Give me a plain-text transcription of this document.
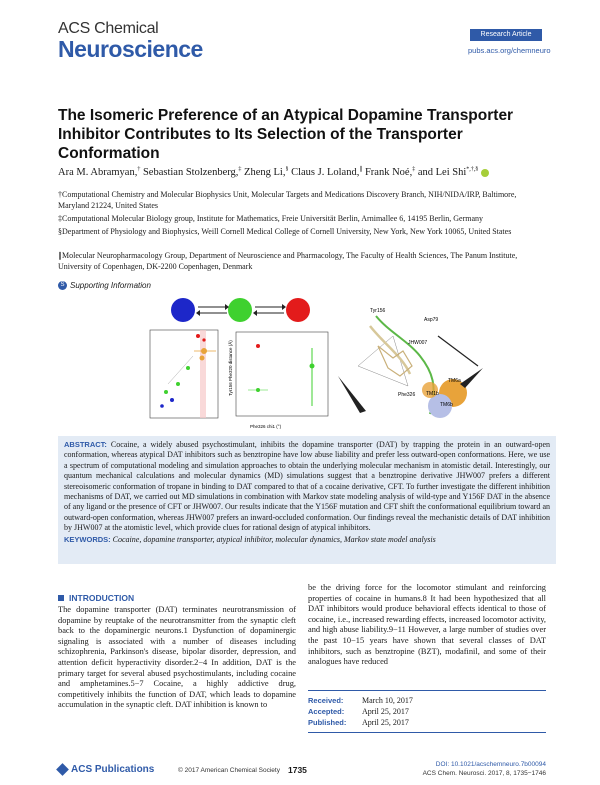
ACS Chemical
Neuroscience
Research Article
pubs.acs.org/chemneuro
The Isomeric Preference of an Atypical Dopamine Transporter Inhibitor Contributes to Its Selection of the Transporter Conformation
Ara M. Abramyan,† Sebastian Stolzenberg,‡ Zheng Li,§ Claus J. Loland,∥ Frank Noé,‡ and Lei Shi*,†,§
†Computational Chemistry and Molecular Biophysics Unit, Molecular Targets and Medications Discovery Branch, NIH/NIDA/IRP, Baltimore, Maryland 21224, United States
‡Computational Molecular Biology group, Institute for Mathematics, Freie Universität Berlin, Arnimallee 6, 14195 Berlin, Germany
§Department of Physiology and Biophysics, Weill Cornell Medical College of Cornell University, New York, New York 10065, United States
∥Molecular Neuropharmacology Group, Department of Neuroscience and Pharmacology, The Faculty of Health Sciences, The Panum Institute, University of Copenhagen, DK-2200 Copenhagen, Denmark
S Supporting Information
Phe326 chi1 (°)
Tyr156 Phe320 distance (Å)
Tyr156
Asp79
JHW007
TM6a
TM6b
TM1b
Phe326
ABSTRACT: Cocaine, a widely abused psychostimulant, inhibits the dopamine transporter (DAT) by trapping the protein in an outward-open conformation, whereas atypical DAT inhibitors such as benztropine have low abuse liability and prefer less outward-open conformations. Here, we use a spectrum of computational modeling and simulation approaches to obtain the underlying molecular mechanism in atomistic detail. Interestingly, our quantum mechanical calculations and molecular dynamics (MD) simulations suggest that a benztropine derivative JHW007 prefers a different stereoisomeric conformation of tropane in binding to DAT compared to that of a cocaine derivative, CFT. To further investigate the different inhibition mechanisms of DAT, we carried out MD simulations in combination with Markov state modeling analysis of wild-type and Y156F DAT in the absence of any ligand or the presence of CFT or JHW007. Our results indicate that the Y156F mutation and CFT shift the conformational equilibrium toward an outward-open conformation, whereas JHW007 prefers an inward-occluded conformation. Our findings reveal the mechanistic details of DAT inhibition by JHW007 at the atomistic level, which provide clues for rational design of atypical inhibitors.
KEYWORDS: Cocaine, dopamine transporter, atypical inhibitor, molecular dynamics, Markov state model analysis
INTRODUCTION
The dopamine transporter (DAT) terminates neurotransmission of dopamine by reuptake of the neurotransmitter from the synaptic cleft back to the dopaminergic neurons.1 Dysfunction of dopaminergic signaling is associated with a number of diseases including schizophrenia, Parkinson's disease, bipolar disorder, depression, and attention deficit hyperactivity disorder.2−4 In addition, DAT is the primary target for several abused psychostimulants, including cocaine and amphetamines.5−7 Cocaine, a highly addictive drug, competitively inhibits the function of DAT, which leads to dopamine accumulation in the synaptic cleft. DAT inhibition is known to
be the driving force for the locomotor stimulant and reinforcing properties of cocaine in humans.8 It had been hypothesized that all DAT inhibitors would produce behavioral effects identical to those of cocaine, i.e., increased rewarding effects, increased locomotor activity, and high abuse liability.9−11 However, a large number of studies over the past 10−15 years have shown that several classes of DAT inhibitors, such as benztropine (BZT), modafinil, and some of their analogues have reduced
Received: March 10, 2017
Accepted: April 25, 2017
Published: April 25, 2017
ACS Publications	© 2017 American Chemical Society 1735
DOI: 10.1021/acschemneuro.7b00094
ACS Chem. Neurosci. 2017, 8, 1735−1746
